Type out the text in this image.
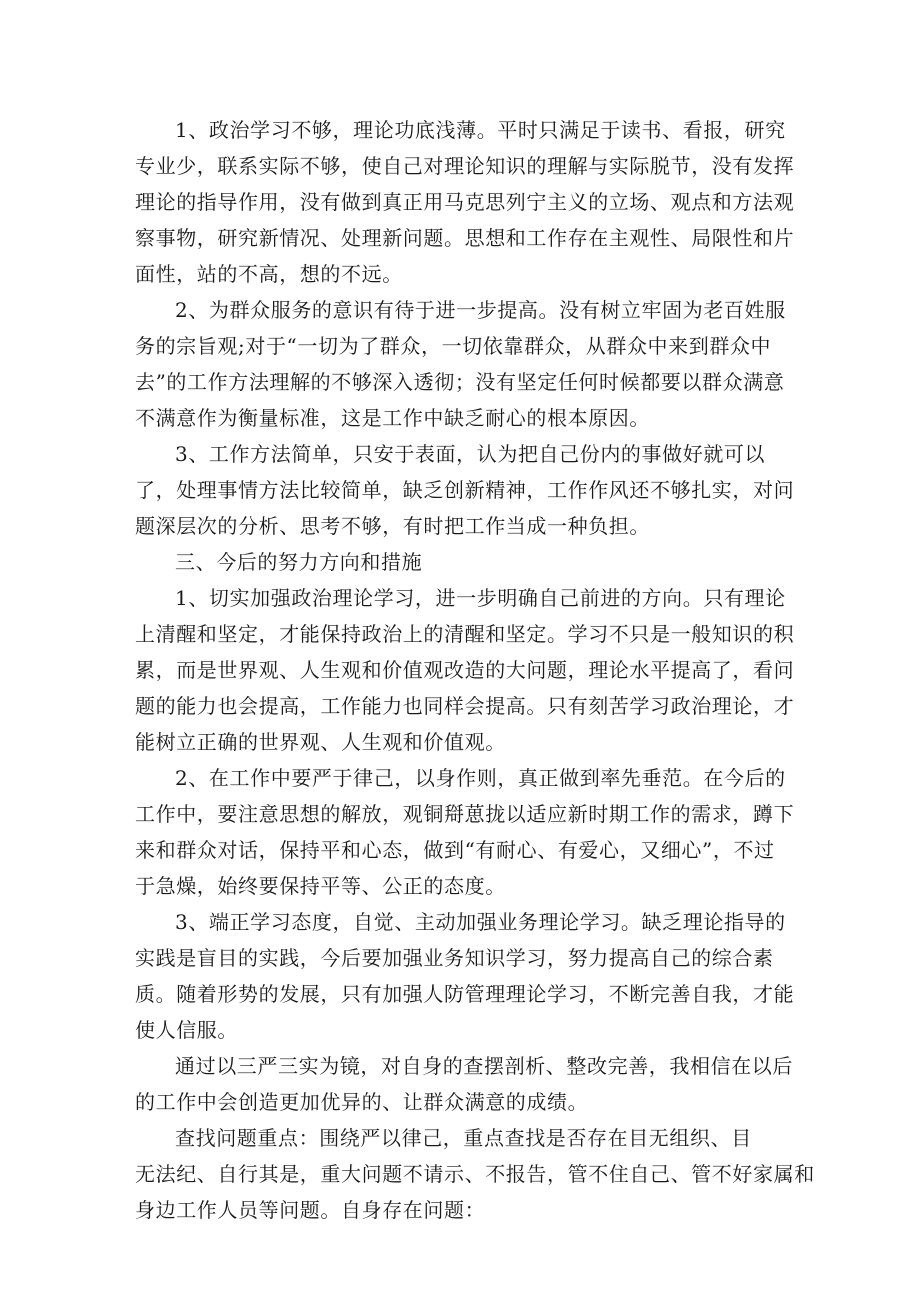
1、政治学习不够，理论功底浅薄。平时只满足于读书、看报，研究
专业少，联系实际不够，使自己对理论知识的理解与实际脱节，没有发挥
理论的指导作用，没有做到真正用马克思列宁主义的立场、观点和方法观
察事物，研究新情况、处理新问题。思想和工作存在主观性、局限性和片
面性，站的不高，想的不远。
2、为群众服务的意识有待于进一步提高。没有树立牢固为老百姓服
务的宗旨观;对于“一切为了群众，一切依靠群众，从群众中来到群众中
去”的工作方法理解的不够深入透彻；没有坚定任何时候都要以群众满意
不满意作为衡量标准，这是工作中缺乏耐心的根本原因。
3、工作方法简单，只安于表面，认为把自己份内的事做好就可以
了，处理事情方法比较简单，缺乏创新精神，工作作风还不够扎实，对问
题深层次的分析、思考不够，有时把工作当成一种负担。
三、今后的努力方向和措施
1、切实加强政治理论学习，进一步明确自己前进的方向。只有理论
上清醒和坚定，才能保持政治上的清醒和坚定。学习不只是一般知识的积
累，而是世界观、人生观和价值观改造的大问题，理论水平提高了，看问
题的能力也会提高，工作能力也同样会提高。只有刻苦学习政治理论，才
能树立正确的世界观、人生观和价值观。
2、在工作中要严于律己，以身作则，真正做到率先垂范。在今后的
工作中，要注意思想的解放，观铜搿葸拢以适应新时期工作的需求，蹲下
来和群众对话，保持平和心态，做到“有耐心、有爱心，又细心”，不过
于急燥，始终要保持平等、公正的态度。
3、端正学习态度，自觉、主动加强业务理论学习。缺乏理论指导的
实践是盲目的实践，今后要加强业务知识学习，努力提高自己的综合素
质。随着形势的发展，只有加强人防管理理论学习，不断完善自我，才能
使人信服。
通过以三严三实为镜，对自身的查摆剖析、整改完善，我相信在以后
的工作中会创造更加优异的、让群众满意的成绩。
查找问题重点：围绕严以律己，重点查找是否存在目无组织、目
无法纪、自行其是，重大问题不请示、不报告，管不住自己、管不好家属和
身边工作人员等问题。自身存在问题：
